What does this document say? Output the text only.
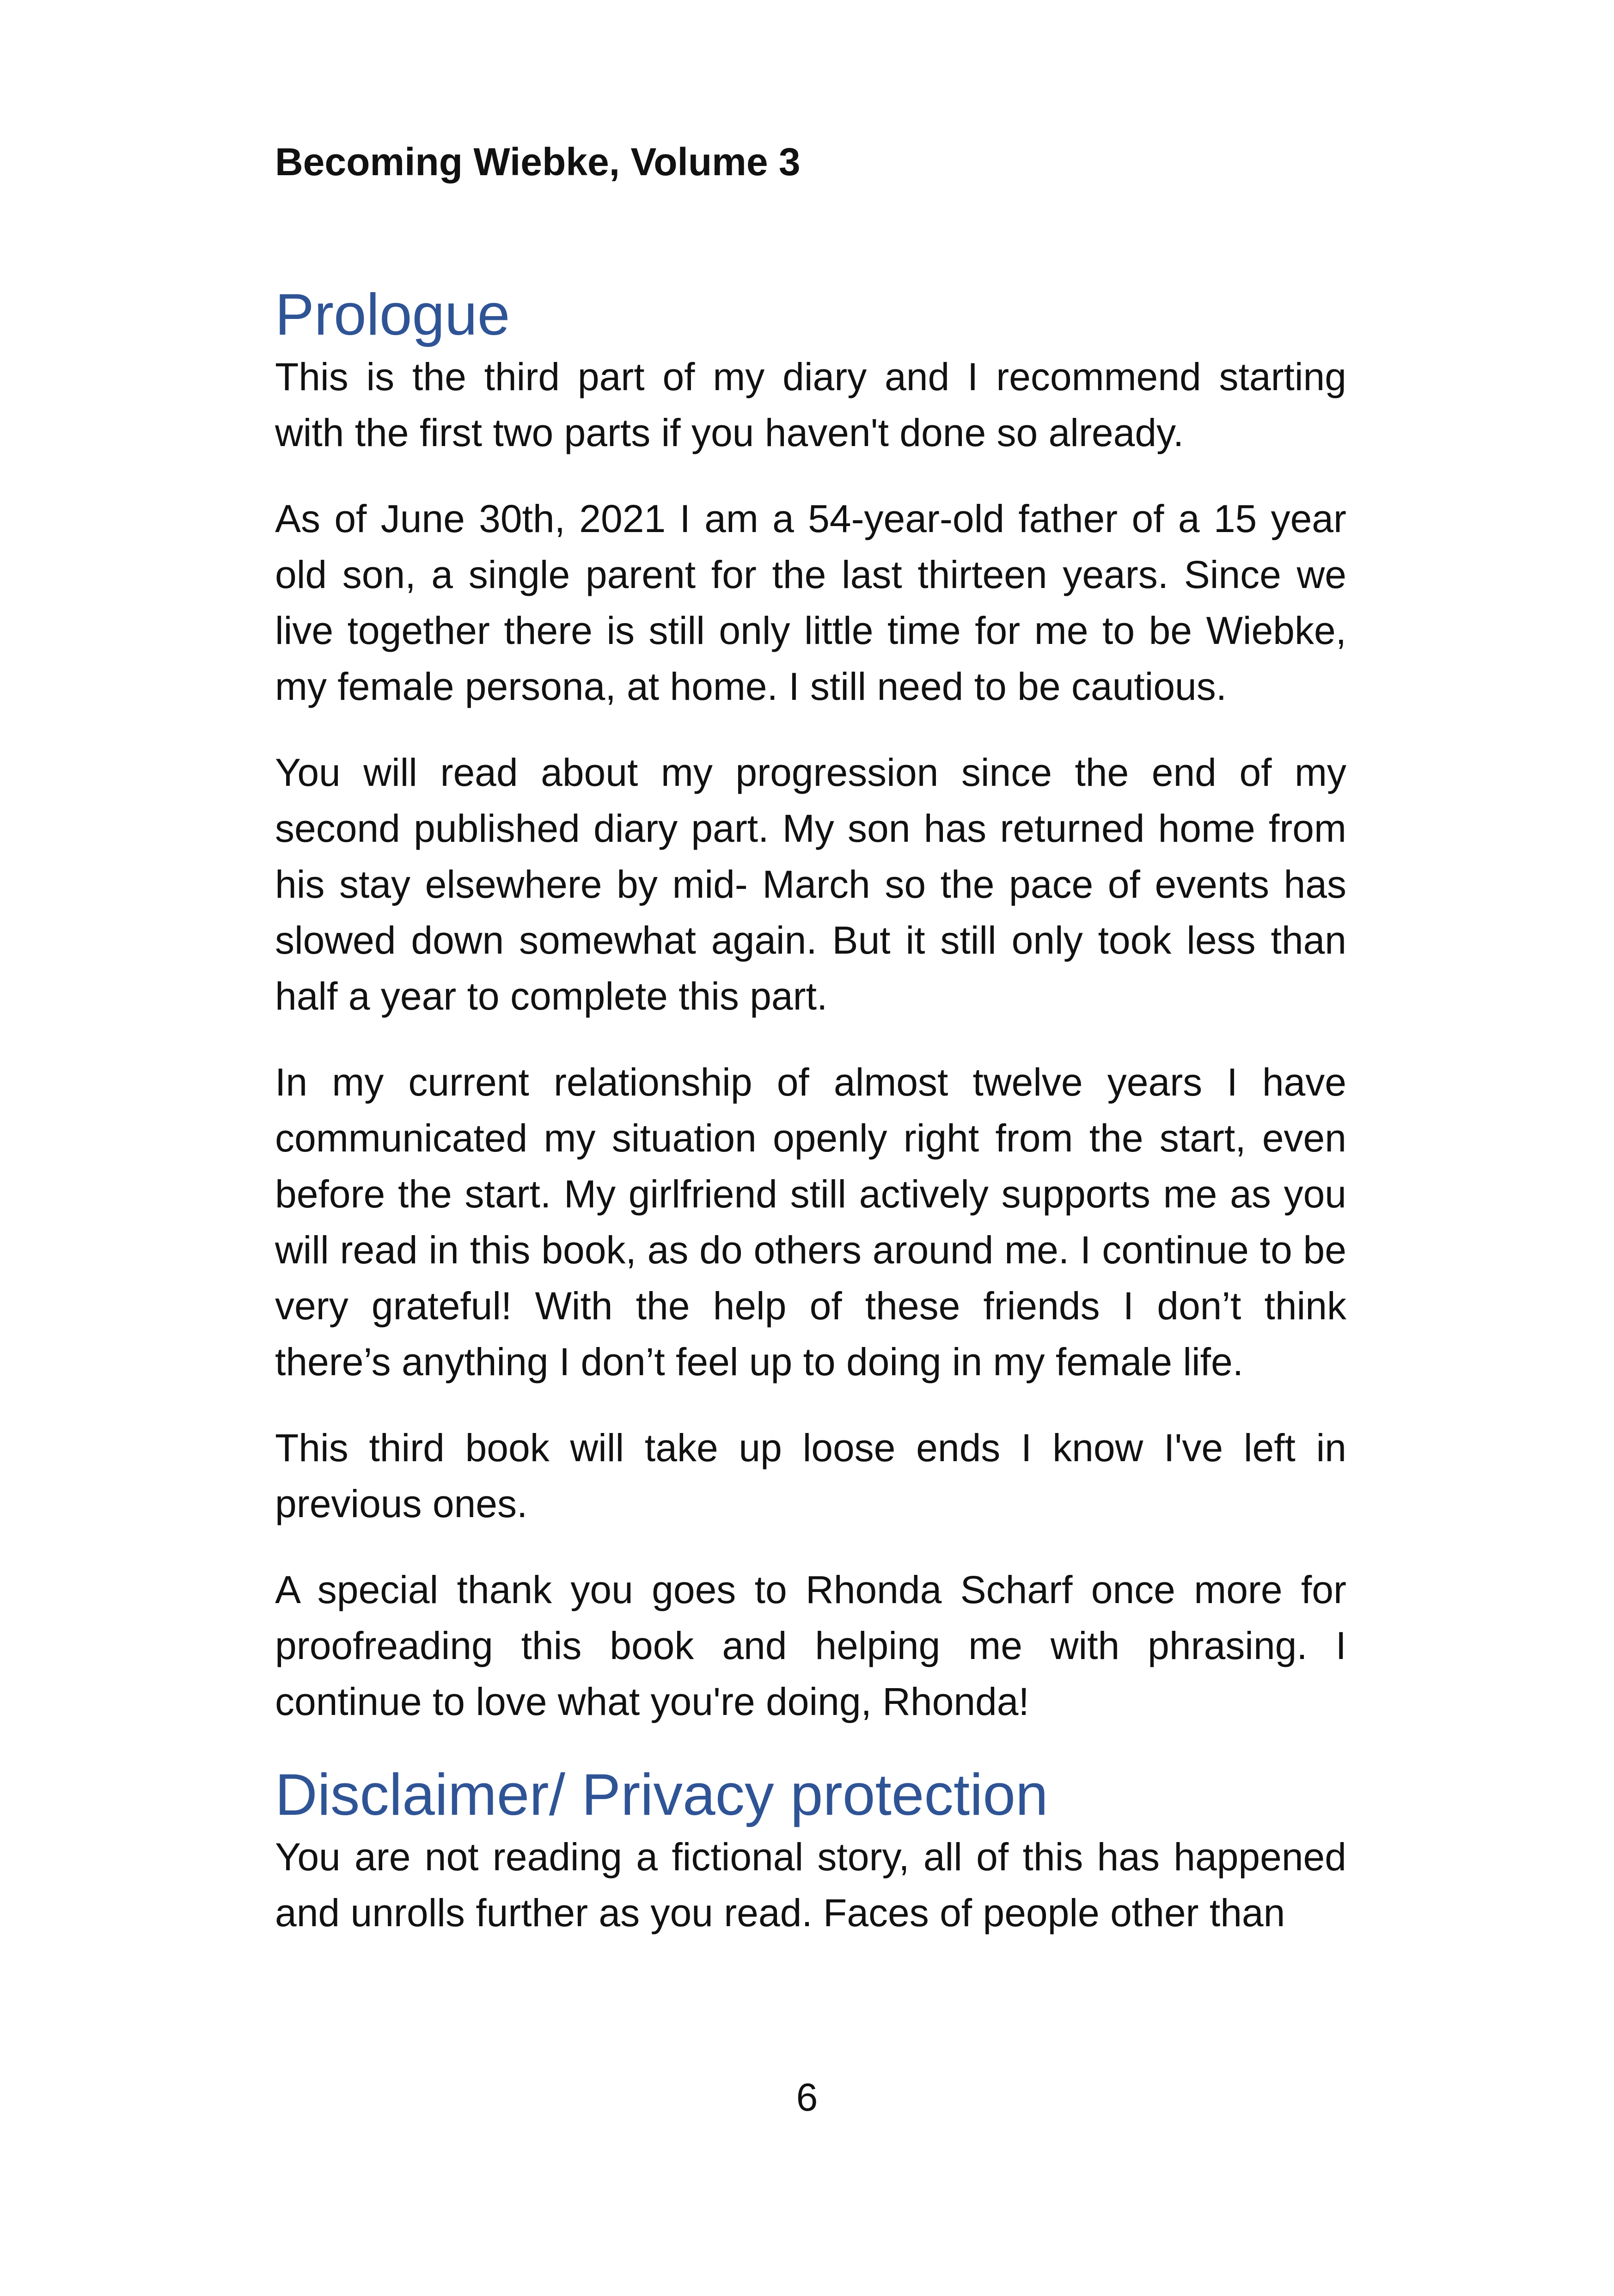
Becoming Wiebke, Volume 3
Prologue

This is the third part of my diary and I recommend starting with the first two parts if you haven't done so already.

As of June 30th, 2021 I am a 54-year-old father of a 15 year old son, a single parent for the last thirteen years. Since we live together there is still only little time for me to be Wiebke, my female persona, at home. I still need to be cautious.

You will read about my progression since the end of my second published diary part. My son has returned home from his stay elsewhere by mid- March so the pace of events has slowed down somewhat again. But it still only took less than half a year to complete this part.

In my current relationship of almost twelve years I have communicated my situation openly right from the start, even before the start. My girlfriend still actively supports me as you will read in this book, as do others around me. I continue to be very grateful! With the help of these friends I don’t think there’s anything I don’t feel up to doing in my female life.

This third book will take up loose ends I know I've left in previous ones.

A special thank you goes to Rhonda Scharf once more for proofreading this book and helping me with phrasing. I continue to love what you're doing, Rhonda!

Disclaimer/ Privacy protection

You are not reading a fictional story, all of this has happened and unrolls further as you read. Faces of people other than

6
